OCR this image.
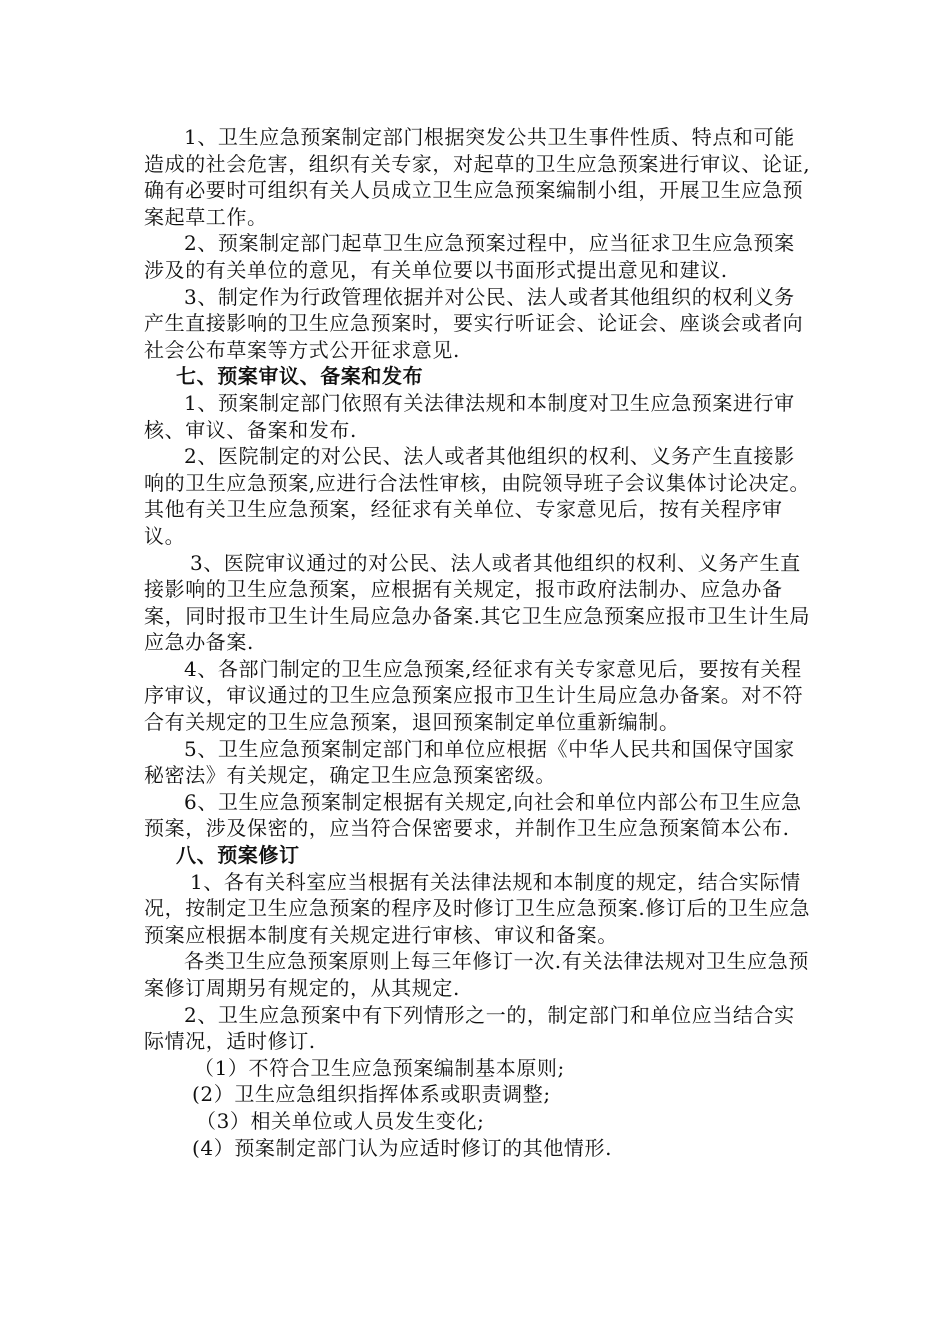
1、卫生应急预案制定部门根据突发公共卫生事件性质、特点和可能造成的社会危害，组织有关专家，对起草的卫生应急预案进行审议、论证,确有必要时可组织有关人员成立卫生应急预案编制小组，开展卫生应急预案起草工作。

2、预案制定部门起草卫生应急预案过程中，应当征求卫生应急预案涉及的有关单位的意见，有关单位要以书面形式提出意见和建议.

3、制定作为行政管理依据并对公民、法人或者其他组织的权利义务产生直接影响的卫生应急预案时，要实行听证会、论证会、座谈会或者向社会公布草案等方式公开征求意见.

七、预案审议、备案和发布

1、预案制定部门依照有关法律法规和本制度对卫生应急预案进行审核、审议、备案和发布.

2、医院制定的对公民、法人或者其他组织的权利、义务产生直接影响的卫生应急预案,应进行合法性审核，由院领导班子会议集体讨论决定。其他有关卫生应急预案，经征求有关单位、专家意见后，按有关程序审议。

3、医院审议通过的对公民、法人或者其他组织的权利、义务产生直接影响的卫生应急预案，应根据有关规定，报市政府法制办、应急办备案，同时报市卫生计生局应急办备案.其它卫生应急预案应报市卫生计生局应急办备案.

4、各部门制定的卫生应急预案,经征求有关专家意见后，要按有关程序审议，审议通过的卫生应急预案应报市卫生计生局应急办备案。对不符合有关规定的卫生应急预案，退回预案制定单位重新编制。

5、卫生应急预案制定部门和单位应根据《中华人民共和国保守国家秘密法》有关规定，确定卫生应急预案密级。

6、卫生应急预案制定根据有关规定,向社会和单位内部公布卫生应急预案，涉及保密的，应当符合保密要求，并制作卫生应急预案简本公布.

八、预案修订

1、各有关科室应当根据有关法律法规和本制度的规定，结合实际情况，按制定卫生应急预案的程序及时修订卫生应急预案.修订后的卫生应急预案应根据本制度有关规定进行审核、审议和备案。

各类卫生应急预案原则上每三年修订一次.有关法律法规对卫生应急预案修订周期另有规定的，从其规定.

2、卫生应急预案中有下列情形之一的，制定部门和单位应当结合实际情况，适时修订.

（1）不符合卫生应急预案编制基本原则;

(2）卫生应急组织指挥体系或职责调整;

（3）相关单位或人员发生变化;

(4）预案制定部门认为应适时修订的其他情形.
